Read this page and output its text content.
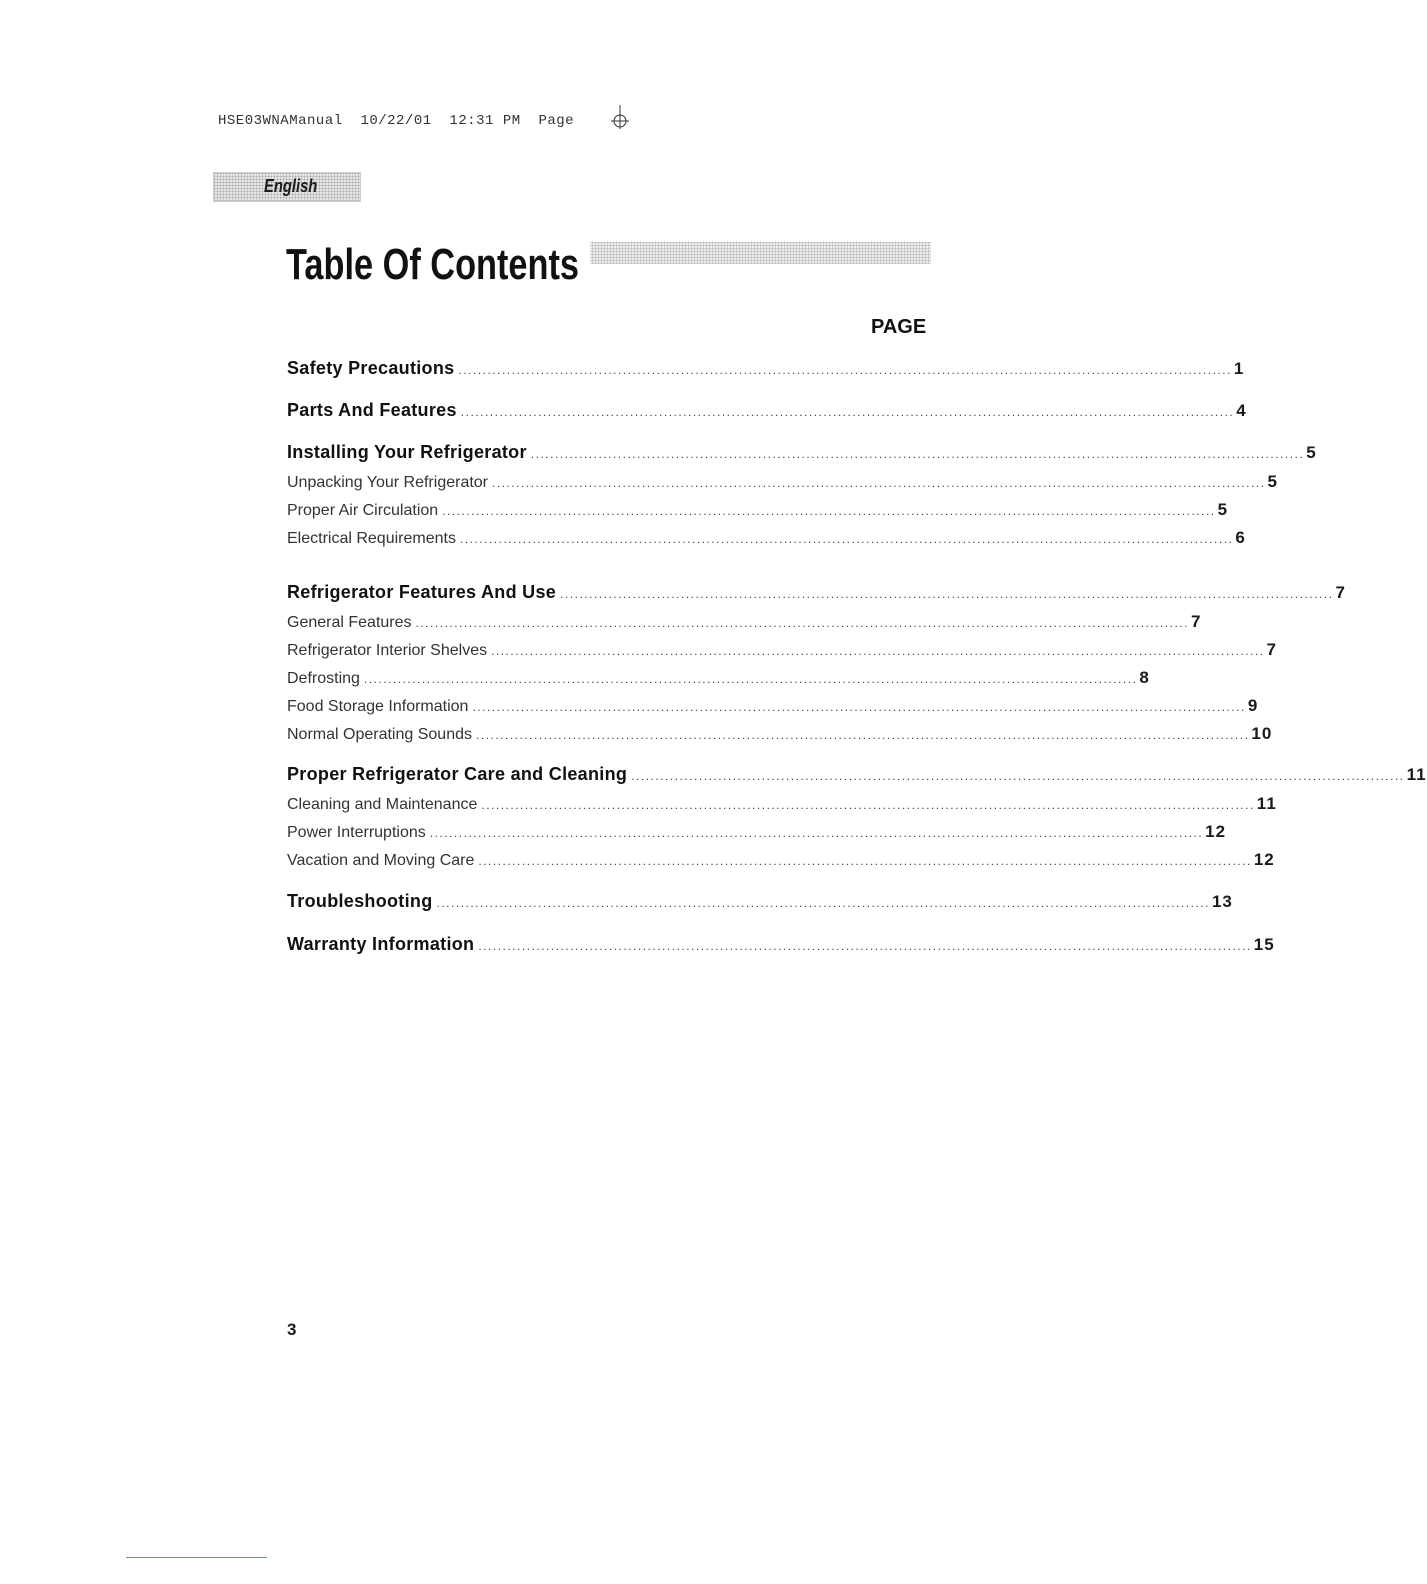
HSE03WNAManual  10/22/01  12:31 PM  Page
English
Table Of Contents
PAGE
Safety Precautions ................................................................................................................................................................ 1
Parts And Features ................................................................................................................................................................ 4
Installing Your Refrigerator ................................................................................................................................................................ 5
Unpacking Your Refrigerator ................................................................................................................................................................ 5
Proper Air Circulation ................................................................................................................................................................ 5
Electrical Requirements ................................................................................................................................................................ 6
Refrigerator Features And Use ................................................................................................................................................................ 7
General Features ................................................................................................................................................................ 7
Refrigerator Interior Shelves ................................................................................................................................................................ 7
Defrosting ................................................................................................................................................................ 8
Food Storage Information ................................................................................................................................................................ 9
Normal Operating Sounds ................................................................................................................................................................ 10
Proper Refrigerator Care and Cleaning ................................................................................................................................................................ 11
Cleaning and Maintenance ................................................................................................................................................................ 11
Power Interruptions ................................................................................................................................................................ 12
Vacation and Moving Care ................................................................................................................................................................ 12
Troubleshooting ................................................................................................................................................................ 13
Warranty Information ................................................................................................................................................................ 15
3
